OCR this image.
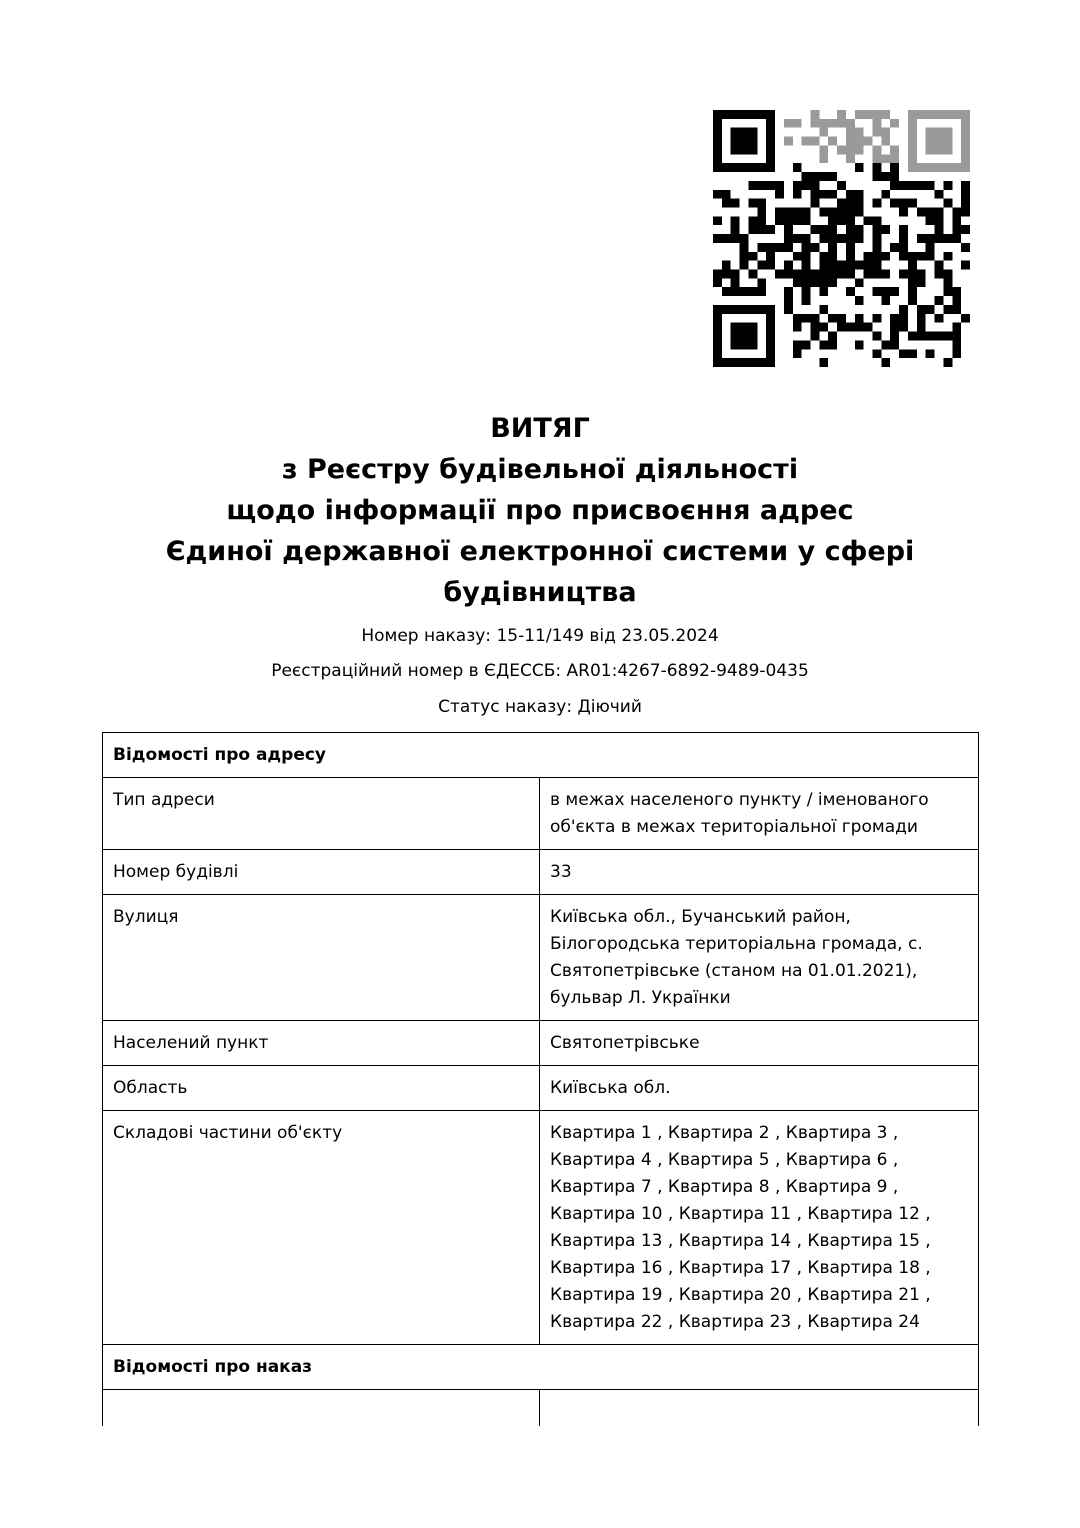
ВИТЯГ
з Реєстру будівельної діяльності
щодо інформації про присвоєння адрес
Єдиної державної електронної системи у сфері
будівництва
Номер наказу: 15-11/149 від 23.05.2024
Реєстраційний номер в ЄДЕССБ: AR01:4267-6892-9489-0435
Статус наказу: Діючий
Відомості про адресу	
Тип адреси	в межах населеного пункту / іменованого об'єкта в межах територіальної громади
Номер будівлі	33
Вулиця	Київська обл., Бучанський район, Білогородська територіальна громада, с. Святопетрівське (станом на 01.01.2021), бульвар Л. Українки
Населений пункт	Святопетрівське
Область	Київська обл.
Складові частини об'єкту	Квартира 1 , Квартира 2 , Квартира 3 , Квартира 4 , Квартира 5 , Квартира 6 , Квартира 7 , Квартира 8 , Квартира 9 , Квартира 10 , Квартира 11 , Квартира 12 , Квартира 13 , Квартира 14 , Квартира 15 , Квартира 16 , Квартира 17 , Квартира 18 , Квартира 19 , Квартира 20 , Квартира 21 , Квартира 22 , Квартира 23 , Квартира 24
Відомості про наказ	
